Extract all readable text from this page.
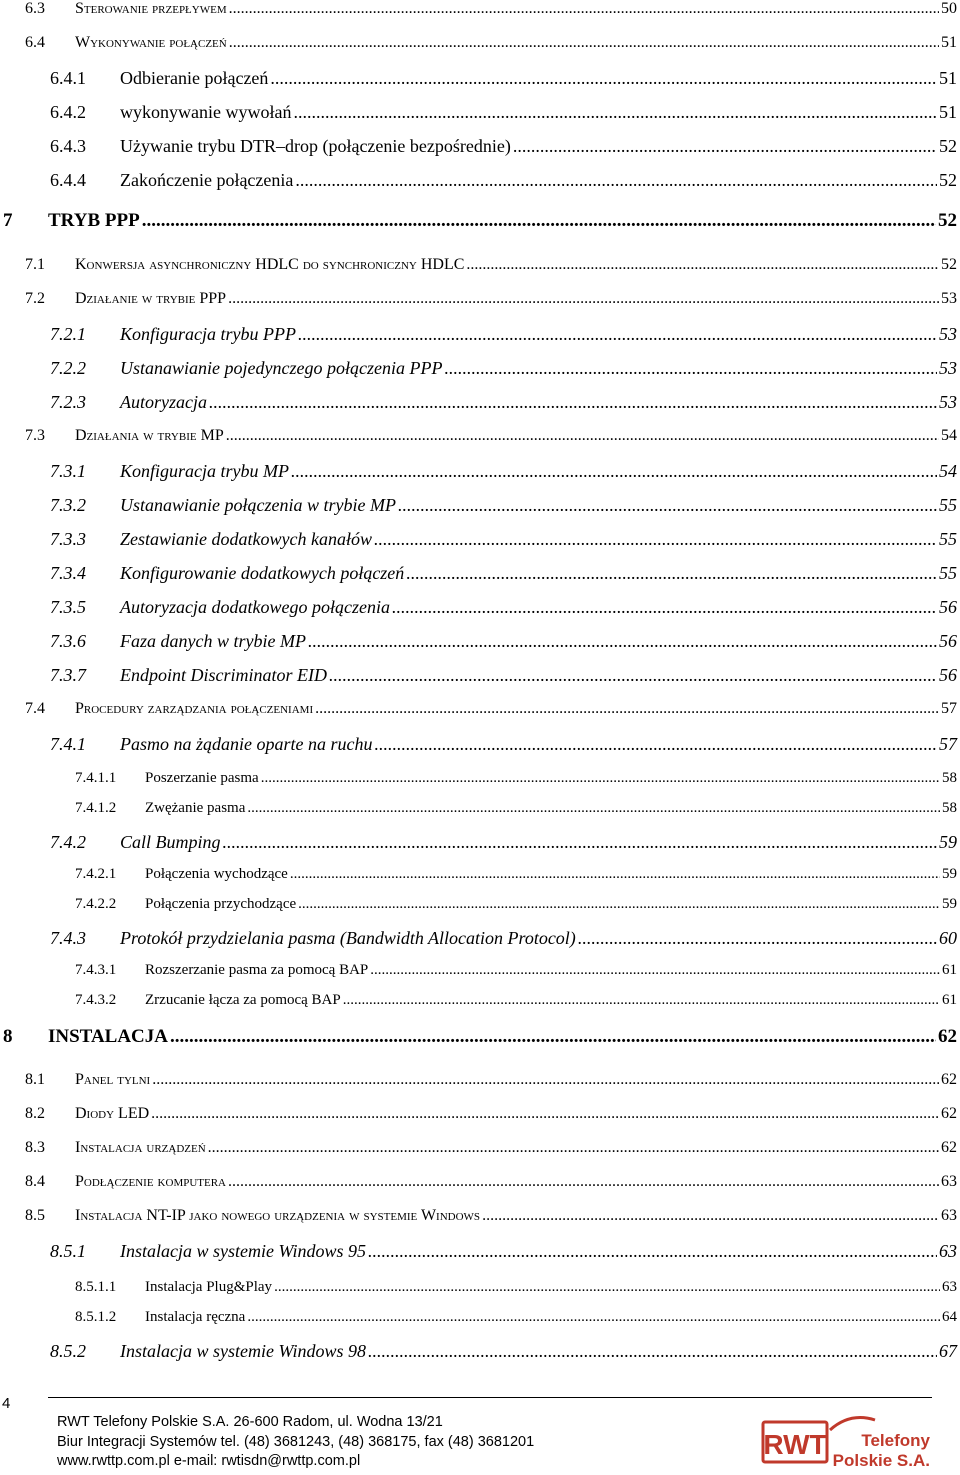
6.3 Sterowanie przepływem .....	50
6.4 Wykonywanie połączeń .....	51
6.4.1 Odbieranie połączeń .....	51
6.4.2 wykonywanie wywołań .....	51
6.4.3 Używanie trybu DTR–drop (połączenie bezpośrednie) .....	52
6.4.4 Zakończenie połączenia .....	52
7 TRYB PPP .....	52
7.1 Konwersja asynchroniczny HDLC do synchroniczny HDLC .....	52
7.2 Działanie w trybie PPP .....	53
7.2.1 Konfiguracja trybu PPP .....	53
7.2.2 Ustanawianie pojedynczego połączenia PPP .....	53
7.2.3 Autoryzacja .....	53
7.3 Działania w trybie MP .....	54
7.3.1 Konfiguracja trybu MP .....	54
7.3.2 Ustanawianie połączenia w trybie MP .....	55
7.3.3 Zestawianie dodatkowych kanałów .....	55
7.3.4 Konfigurowanie dodatkowych połączeń .....	55
7.3.5 Autoryzacja dodatkowego połączenia .....	56
7.3.6 Faza danych w trybie MP .....	56
7.3.7 Endpoint Discriminator EID .....	56
7.4 Procedury zarządzania połączeniami .....	57
7.4.1 Pasmo na żądanie oparte na ruchu .....	57
7.4.1.1 Poszerzanie pasma .....	58
7.4.1.2 Zwężanie pasma .....	58
7.4.2 Call Bumping .....	59
7.4.2.1 Połączenia wychodzące .....	59
7.4.2.2 Połączenia przychodzące .....	59
7.4.3 Protokół przydzielania pasma (Bandwidth Allocation Protocol) .....	60
7.4.3.1 Rozszerzanie pasma za pomocą BAP .....	61
7.4.3.2 Zrzucanie łącza za pomocą BAP .....	61
8 INSTALACJA .....	62
8.1 Panel tylni .....	62
8.2 Diody LED .....	62
8.3 Instalacja urządzeń .....	62
8.4 Podłączenie komputera .....	63
8.5 Instalacja NT-IP jako nowego urządzenia w systemie Windows .....	63
8.5.1 Instalacja w systemie Windows 95 .....	63
8.5.1.1 Instalacja Plug&Play .....	63
8.5.1.2 Instalacja ręczna .....	64
8.5.2 Instalacja w systemie Windows 98 .....	67
4
RWT Telefony Polskie S.A. 26-600 Radom, ul. Wodna 13/21
Biur Integracji Systemów tel. (48) 3681243, (48) 368175, fax (48) 3681201
www.rwttp.com.pl e-mail: rwtisdn@rwttp.com.pl
RWT Telefony
Polskie S.A.
